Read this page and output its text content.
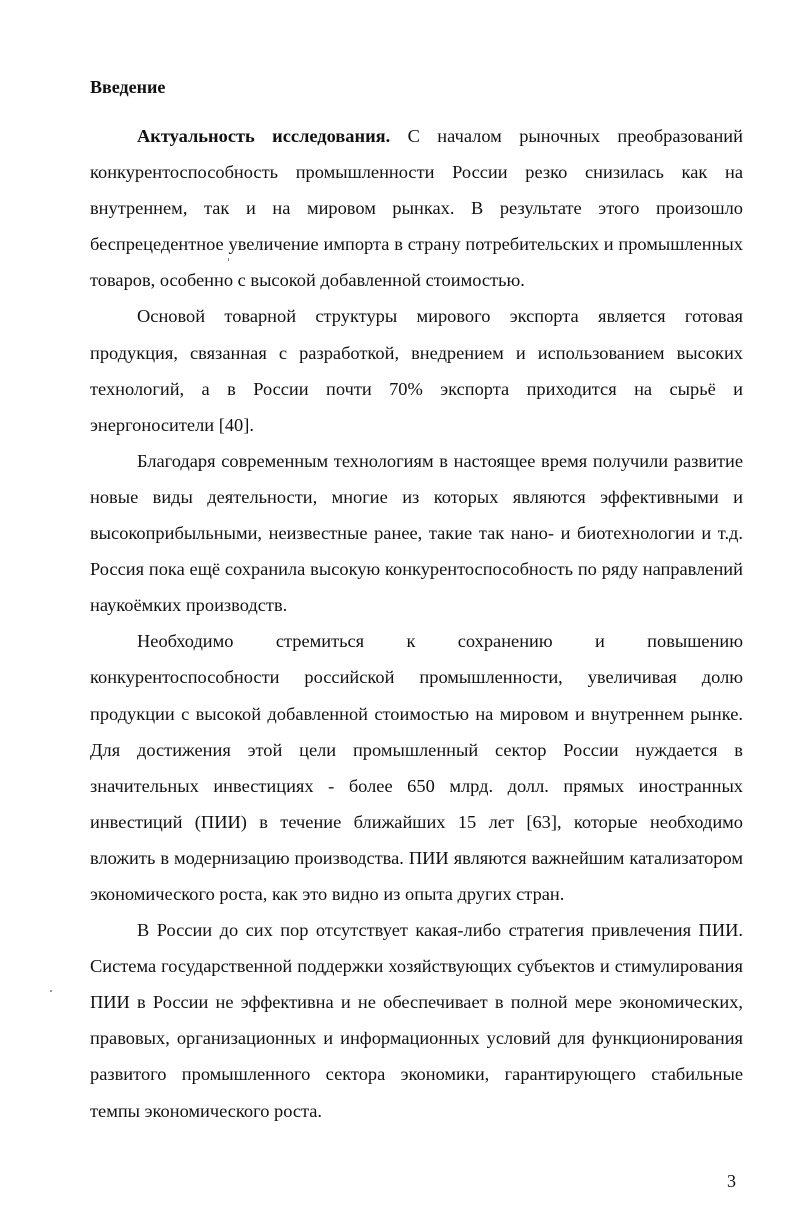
Введение

Актуальность исследования. С началом рыночных преобразований конкурентоспособность промышленности России резко снизилась как на внутреннем, так и на мировом рынках. В результате этого произошло беспрецедентное увеличение импорта в страну потребительских и промышленных товаров, особенно с высокой добавленной стоимостью.

Основой товарной структуры мирового экспорта является готовая продукция, связанная с разработкой, внедрением и использованием высоких технологий, а в России почти 70% экспорта приходится на сырьё и энергоносители [40].

Благодаря современным технологиям в настоящее время получили развитие новые виды деятельности, многие из которых являются эффективными и высокоприбыльными, неизвестные ранее, такие так нано- и биотехнологии и т.д. Россия пока ещё сохранила высокую конкурентоспособность по ряду направлений наукоёмких производств.

Необходимо стремиться к сохранению и повышению конкурентоспособности российской промышленности, увеличивая долю продукции с высокой добавленной стоимостью на мировом и внутреннем рынке. Для достижения этой цели промышленный сектор России нуждается в значительных инвестициях - более 650 млрд. долл. прямых иностранных инвестиций (ПИИ) в течение ближайших 15 лет [63], которые необходимо вложить в модернизацию производства. ПИИ являются важнейшим катализатором экономического роста, как это видно из опыта других стран.

В России до сих пор отсутствует какая-либо стратегия привлечения ПИИ. Система государственной поддержки хозяйствующих субъектов и стимулирования ПИИ в России не эффективна и не обеспечивает в полной мере экономических, правовых, организационных и информационных условий для функционирования развитого промышленного сектора экономики, гарантирующего стабильные темпы экономического роста.

3
